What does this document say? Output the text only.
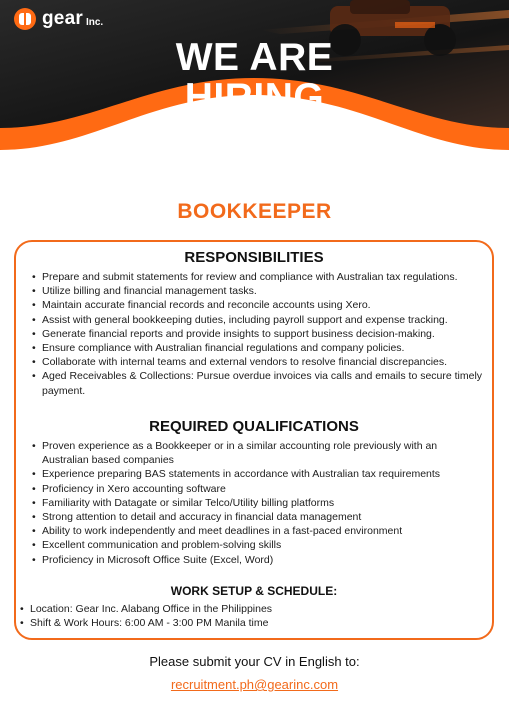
gear Inc.
WE ARE
HIRING
BOOKKEEPER
RESPONSIBILITIES
• Prepare and submit statements for review and compliance with Australian tax regulations.
• Utilize billing and financial management tasks.
• Maintain accurate financial records and reconcile accounts using Xero.
• Assist with general bookkeeping duties, including payroll support and expense tracking.
• Generate financial reports and provide insights to support business decision-making.
• Ensure compliance with Australian financial regulations and company policies.
• Collaborate with internal teams and external vendors to resolve financial discrepancies.
• Aged Receivables & Collections: Pursue overdue invoices via calls and emails to secure timely payment.
REQUIRED QUALIFICATIONS
• Proven experience as a Bookkeeper or in a similar accounting role previously with an Australian based companies
• Experience preparing BAS statements in accordance with Australian tax requirements
• Proficiency in Xero accounting software
• Familiarity with Datagate or similar Telco/Utility billing platforms
• Strong attention to detail and accuracy in financial data management
• Ability to work independently and meet deadlines in a fast-paced environment
• Excellent communication and problem-solving skills
• Proficiency in Microsoft Office Suite (Excel, Word)
WORK SETUP & SCHEDULE:
• Location: Gear Inc. Alabang Office in the Philippines
• Shift & Work Hours: 6:00 AM - 3:00 PM Manila time
Please submit your CV in English to:
recruitment.ph@gearinc.com
